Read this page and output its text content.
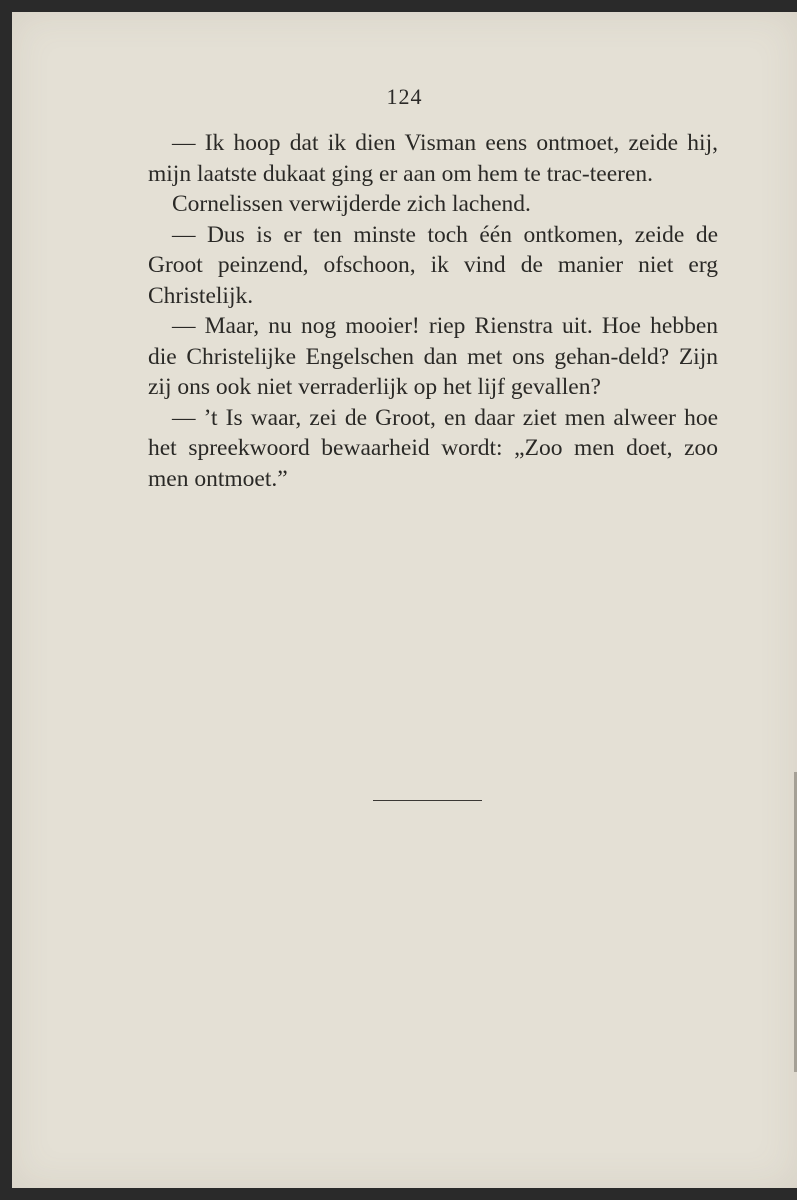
124

— Ik hoop dat ik dien Visman eens ontmoet, zeide hij, mijn laatste dukaat ging er aan om hem te trac-teeren.

Cornelissen verwijderde zich lachend.

— Dus is er ten minste toch één ontkomen, zeide de Groot peinzend, ofschoon, ik vind de manier niet erg Christelijk.

— Maar, nu nog mooier! riep Rienstra uit. Hoe hebben die Christelijke Engelschen dan met ons gehan-deld? Zijn zij ons ook niet verraderlijk op het lijf gevallen?

— ’t Is waar, zei de Groot, en daar ziet men alweer hoe het spreekwoord bewaarheid wordt: „Zoo men doet, zoo men ontmoet.”
